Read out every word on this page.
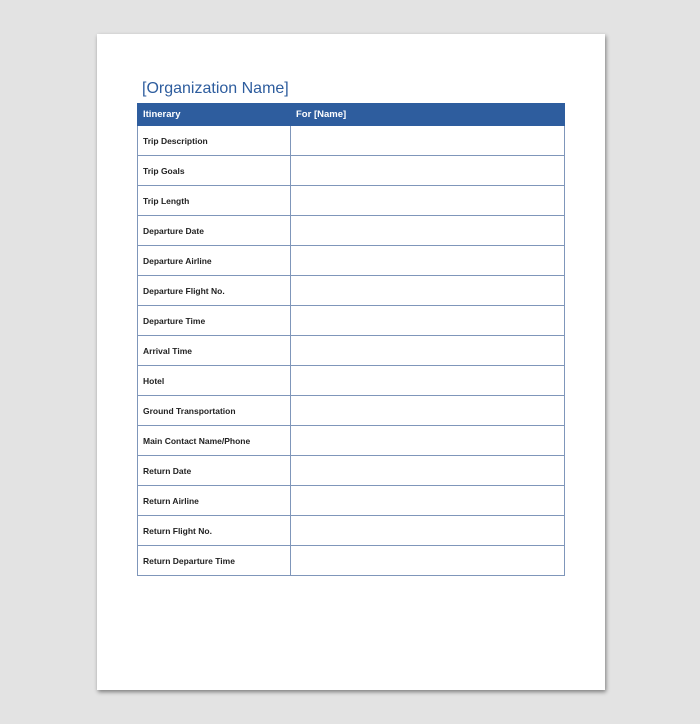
[Organization Name]
Itinerary	For [Name]
Trip Description	
Trip Goals	
Trip Length	
Departure Date	
Departure Airline	
Departure Flight No.	
Departure Time	
Arrival Time	
Hotel	
Ground Transportation	
Main Contact Name/Phone	
Return Date	
Return Airline	
Return Flight No.	
Return Departure Time	
